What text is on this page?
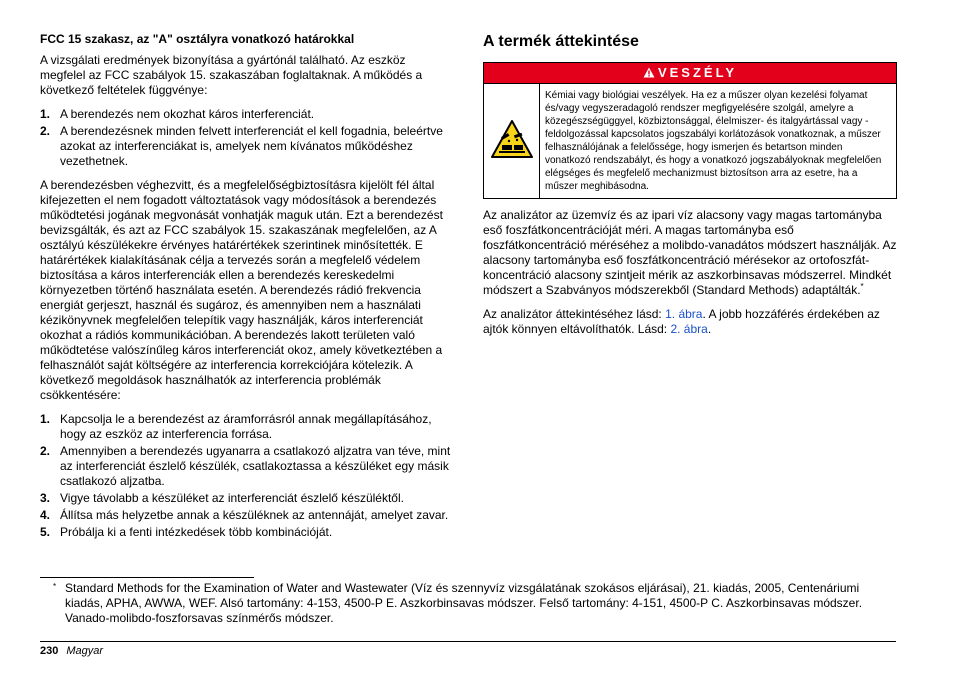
FCC 15 szakasz, az "A" osztályra vonatkozó határokkal

A vizsgálati eredmények bizonyítása a gyártónál található. Az eszköz megfelel az FCC szabályok 15. szakaszában foglaltaknak. A működés a következő feltételek függvénye:

1. A berendezés nem okozhat káros interferenciát.
2. A berendezésnek minden felvett interferenciát el kell fogadnia, beleértve azokat az interferenciákat is, amelyek nem kívánatos működéshez vezethetnek.

A berendezésben véghezvitt, és a megfelelőségbiztosításra kijelölt fél által kifejezetten el nem fogadott változtatások vagy módosítások a berendezés működtetési jogának megvonását vonhatják maguk után. Ezt a berendezést bevizsgálták, és azt az FCC szabályok 15. szakaszának megfelelően, az A osztályú készülékekre érvényes határértékek szerintinek minősítették. E határértékek kialakításának célja a tervezés során a megfelelő védelem biztosítása a káros interferenciák ellen a berendezés kereskedelmi környezetben történő használata esetén. A berendezés rádió frekvencia energiát gerjeszt, használ és sugároz, és amennyiben nem a használati kézikönyvnek megfelelően telepítik vagy használják, káros interferenciát okozhat a rádiós kommunikációban. A berendezés lakott területen való működtetése valószínűleg káros interferenciát okoz, amely következtében a felhasználót saját költségére az interferencia korrekciójára kötelezik. A következő megoldások használhatók az interferencia problémák csökkentésére:

1. Kapcsolja le a berendezést az áramforrásról annak megállapításához, hogy az eszköz az interferencia forrása.
2. Amennyiben a berendezés ugyanarra a csatlakozó aljzatra van téve, mint az interferenciát észlelő készülék, csatlakoztassa a készüléket egy másik csatlakozó aljzatba.
3. Vigye távolabb a készüléket az interferenciát észlelő készüléktől.
4. Állítsa más helyzetbe annak a készüléknek az antennáját, amelyet zavar.
5. Próbálja ki a fenti intézkedések több kombinációját.
A termék áttekintése
VESZÉLY
	Kémiai vagy biológiai veszélyek. Ha ez a műszer olyan kezelési folyamat és/vagy vegyszeradagoló rendszer megfigyelésére szolgál, amelyre a közegészségüggyel, közbiztonsággal, élelmiszer- és italgyártással vagy -feldolgozással kapcsolatos jogszabályi korlátozások vonatkoznak, a műszer felhasználójának a felelőssége, hogy ismerjen és betartson minden vonatkozó rendszabályt, és hogy a vonatkozó jogszabályoknak megfelelően elégséges és megfelelő mechanizmust biztosítson arra az esetre, ha a műszer meghibásodna.

Az analizátor az üzemvíz és az ipari víz alacsony vagy magas tartományba eső foszfátkoncentrációját méri. A magas tartományba eső foszfátkoncentráció méréséhez a molibdo-vanadátos módszert használják. Az alacsony tartományba eső foszfátkoncentráció mérésekor az ortofoszfát-koncentráció alacsony szintjeit mérik az aszkorbinsavas módszerrel. Mindkét módszert a Szabványos módszerekből (Standard Methods) adaptálták.*

Az analizátor áttekintéséhez lásd: 1. ábra. A jobb hozzáférés érdekében az ajtók könnyen eltávolíthatók. Lásd: 2. ábra.

* Standard Methods for the Examination of Water and Wastewater (Víz és szennyvíz vizsgálatának szokásos eljárásai), 21. kiadás, 2005, Centenáriumi kiadás, APHA, AWWA, WEF. Alsó tartomány: 4-153, 4500-P E. Aszkorbinsavas módszer. Felső tartomány: 4-151, 4500-P C. Aszkorbinsavas módszer. Vanado-molibdo-foszforsavas színmérős módszer.
230 Magyar
